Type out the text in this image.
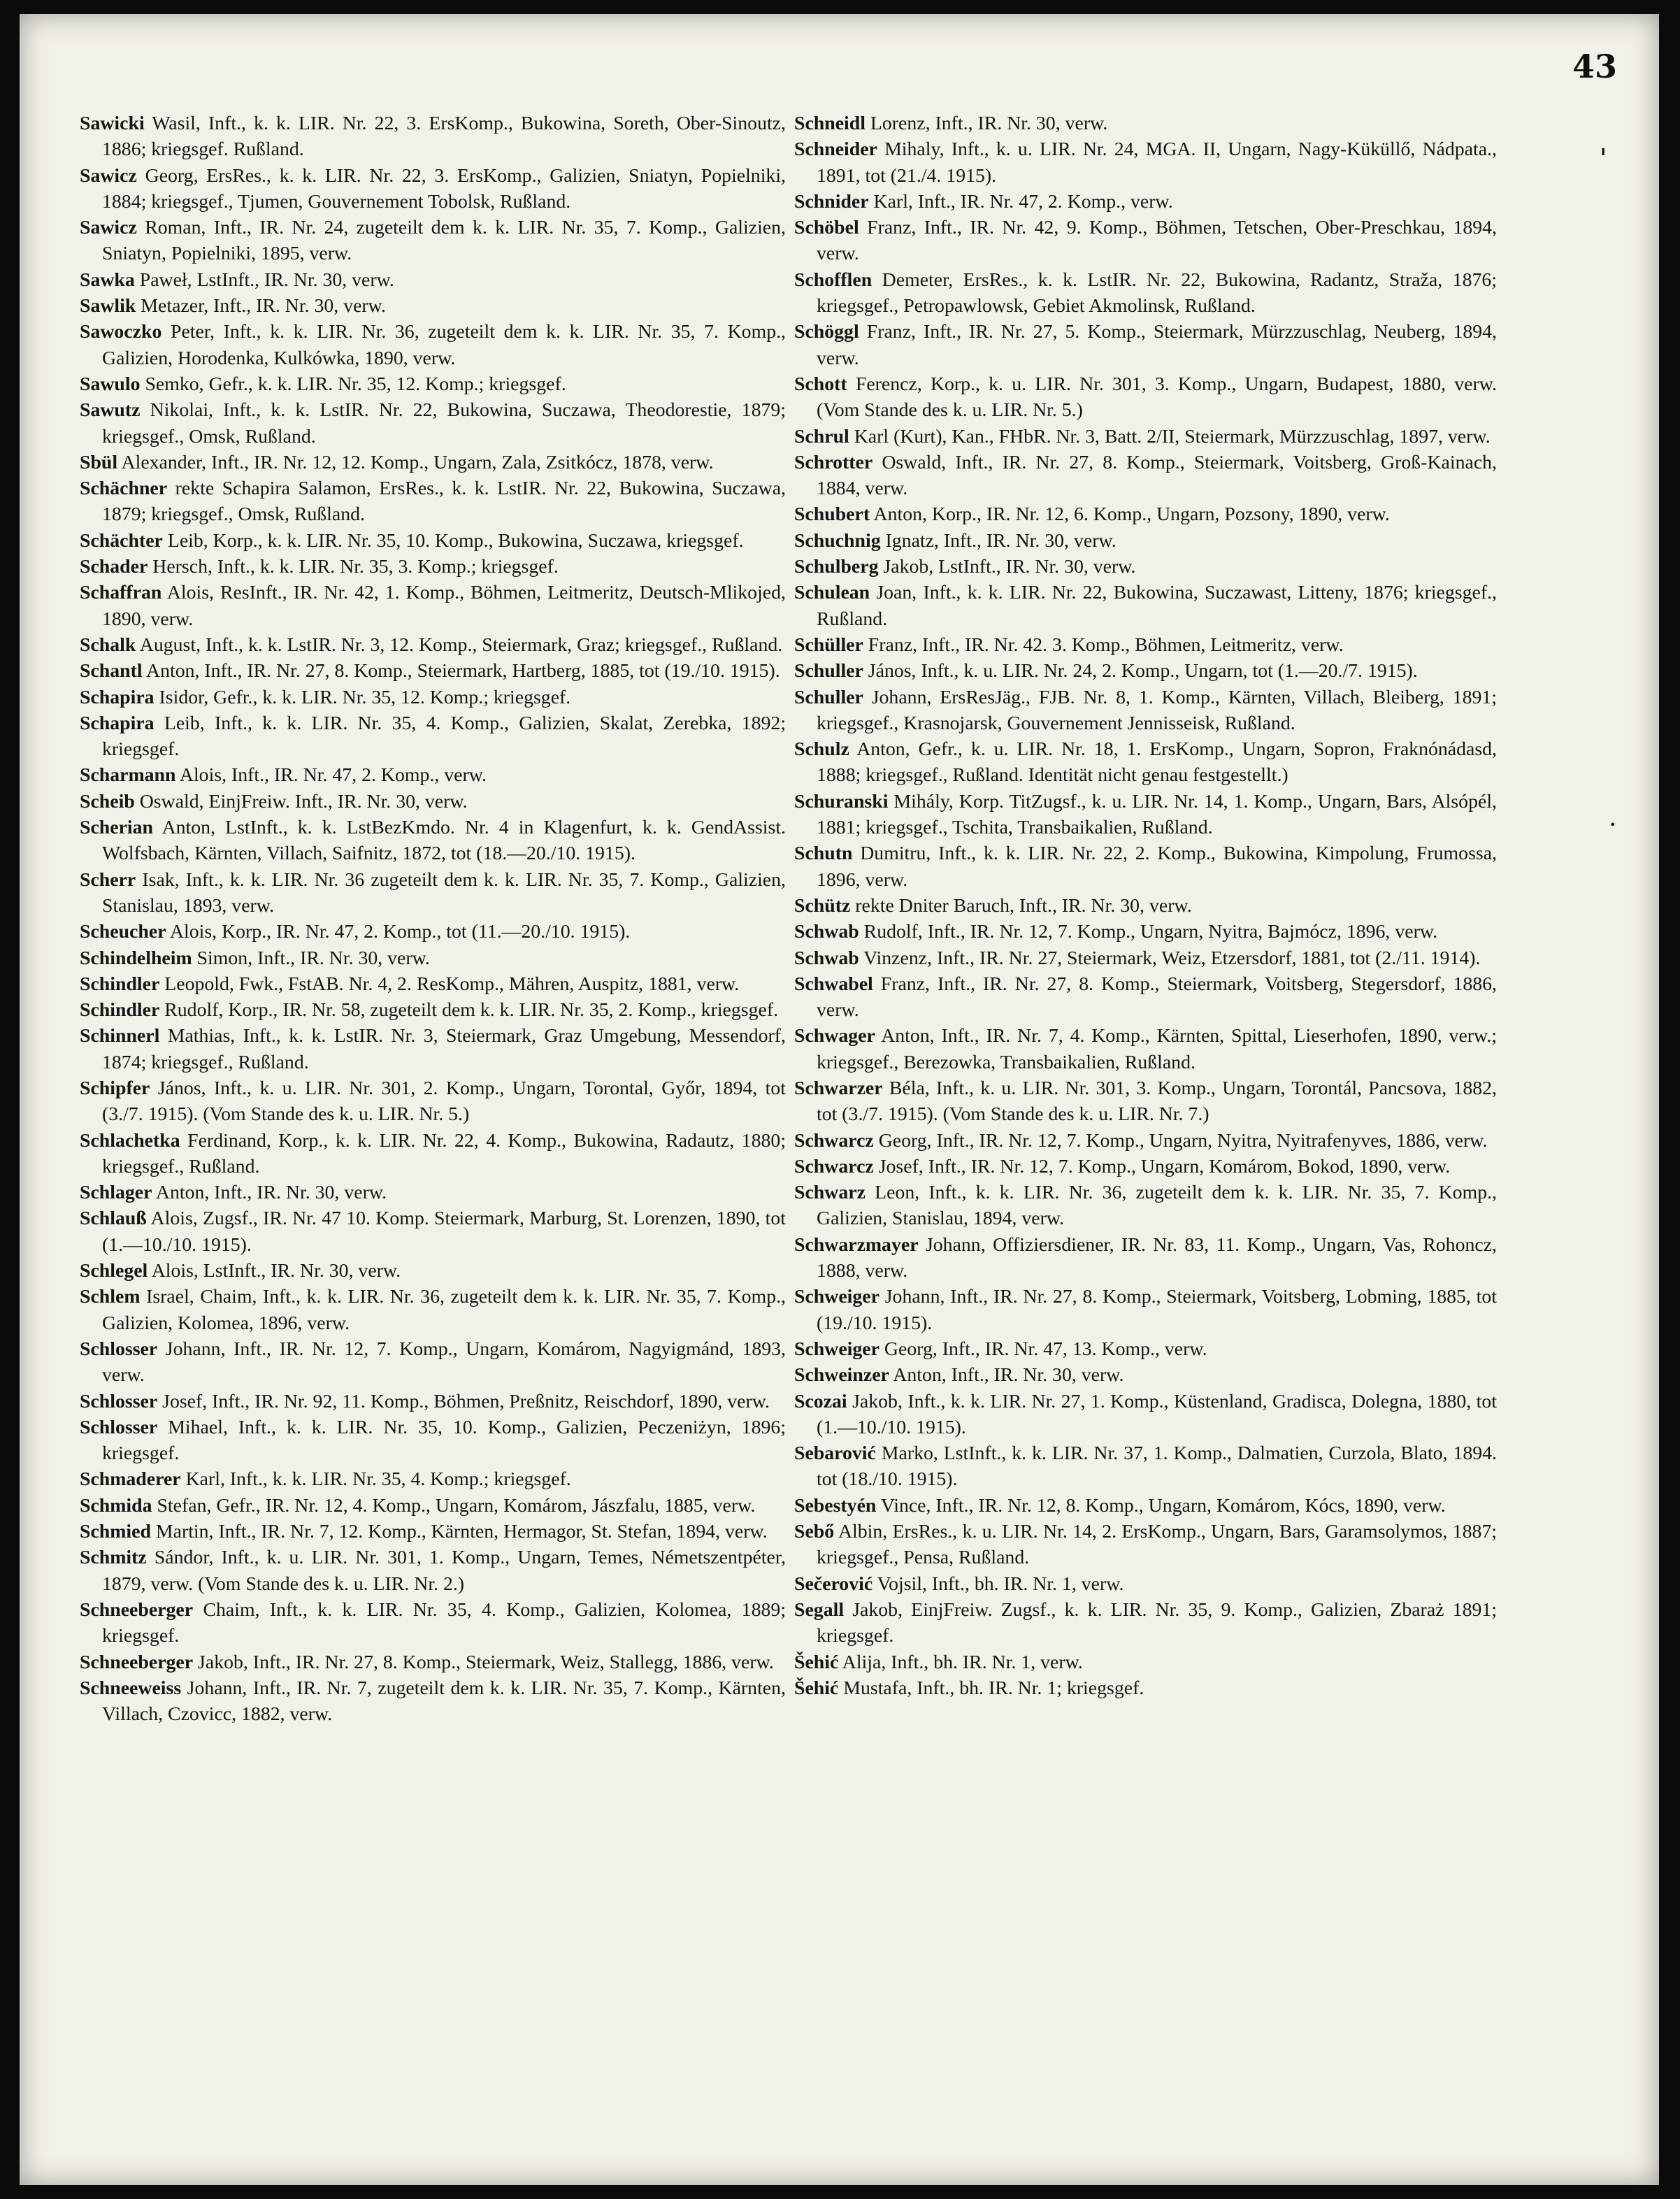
43

Sawicki Wasil, Inft., k. k. LIR. Nr. 22, 3. ErsKomp., Bukowina, Soreth, Ober-Sinoutz, 1886; kriegsgef. Rußland.

Sawicz Georg, ErsRes., k. k. LIR. Nr. 22, 3. ErsKomp., Galizien, Sniatyn, Popielniki, 1884; kriegsgef., Tjumen, Gouvernement Tobolsk, Rußland.

Sawicz Roman, Inft., IR. Nr. 24, zugeteilt dem k. k. LIR. Nr. 35, 7. Komp., Galizien, Sniatyn, Popielniki, 1895, verw.

Sawka Paweł, LstInft., IR. Nr. 30, verw.

Sawlik Metazer, Inft., IR. Nr. 30, verw.

Sawoczko Peter, Inft., k. k. LIR. Nr. 36, zugeteilt dem k. k. LIR. Nr. 35, 7. Komp., Galizien, Horodenka, Kulkówka, 1890, verw.

Sawulo Semko, Gefr., k. k. LIR. Nr. 35, 12. Komp.; kriegsgef.

Sawutz Nikolai, Inft., k. k. LstIR. Nr. 22, Bukowina, Suczawa, Theodorestie, 1879; kriegsgef., Omsk, Rußland.

Sbül Alexander, Inft., IR. Nr. 12, 12. Komp., Ungarn, Zala, Zsitkócz, 1878, verw.

Schächner rekte Schapira Salamon, ErsRes., k. k. LstIR. Nr. 22, Bukowina, Suczawa, 1879; kriegsgef., Omsk, Rußland.

Schächter Leib, Korp., k. k. LIR. Nr. 35, 10. Komp., Bukowina, Suczawa, kriegsgef.

Schader Hersch, Inft., k. k. LIR. Nr. 35, 3. Komp.; kriegsgef.

Schaffran Alois, ResInft., IR. Nr. 42, 1. Komp., Böhmen, Leitmeritz, Deutsch-Mlikojed, 1890, verw.

Schalk August, Inft., k. k. LstIR. Nr. 3, 12. Komp., Steiermark, Graz; kriegsgef., Rußland.

Schantl Anton, Inft., IR. Nr. 27, 8. Komp., Steiermark, Hartberg, 1885, tot (19./10. 1915).

Schapira Isidor, Gefr., k. k. LIR. Nr. 35, 12. Komp.; kriegsgef.

Schapira Leib, Inft., k. k. LIR. Nr. 35, 4. Komp., Galizien, Skalat, Zerebka, 1892; kriegsgef.

Scharmann Alois, Inft., IR. Nr. 47, 2. Komp., verw.

Scheib Oswald, EinjFreiw. Inft., IR. Nr. 30, verw.

Scherian Anton, LstInft., k. k. LstBezKmdo. Nr. 4 in Klagenfurt, k. k. GendAssist. Wolfsbach, Kärnten, Villach, Saifnitz, 1872, tot (18.—20./10. 1915).

Scherr Isak, Inft., k. k. LIR. Nr. 36 zugeteilt dem k. k. LIR. Nr. 35, 7. Komp., Galizien, Stanislau, 1893, verw.

Scheucher Alois, Korp., IR. Nr. 47, 2. Komp., tot (11.—20./10. 1915).

Schindelheim Simon, Inft., IR. Nr. 30, verw.

Schindler Leopold, Fwk., FstAB. Nr. 4, 2. ResKomp., Mähren, Auspitz, 1881, verw.

Schindler Rudolf, Korp., IR. Nr. 58, zugeteilt dem k. k. LIR. Nr. 35, 2. Komp., kriegsgef.

Schinnerl Mathias, Inft., k. k. LstIR. Nr. 3, Steiermark, Graz Umgebung, Messendorf, 1874; kriegsgef., Rußland.

Schipfer János, Inft., k. u. LIR. Nr. 301, 2. Komp., Ungarn, Torontal, Győr, 1894, tot (3./7. 1915). (Vom Stande des k. u. LIR. Nr. 5.)

Schlachetka Ferdinand, Korp., k. k. LIR. Nr. 22, 4. Komp., Bukowina, Radautz, 1880; kriegsgef., Rußland.

Schlager Anton, Inft., IR. Nr. 30, verw.

Schlauß Alois, Zugsf., IR. Nr. 47 10. Komp. Steiermark, Marburg, St. Lorenzen, 1890, tot (1.—10./10. 1915).

Schlegel Alois, LstInft., IR. Nr. 30, verw.

Schlem Israel, Chaim, Inft., k. k. LIR. Nr. 36, zugeteilt dem k. k. LIR. Nr. 35, 7. Komp., Galizien, Kolomea, 1896, verw.

Schlosser Johann, Inft., IR. Nr. 12, 7. Komp., Ungarn, Komárom, Nagyigmánd, 1893, verw.

Schlosser Josef, Inft., IR. Nr. 92, 11. Komp., Böhmen, Preßnitz, Reischdorf, 1890, verw.

Schlosser Mihael, Inft., k. k. LIR. Nr. 35, 10. Komp., Galizien, Peczeniżyn, 1896; kriegsgef.

Schmaderer Karl, Inft., k. k. LIR. Nr. 35, 4. Komp.; kriegsgef.

Schmida Stefan, Gefr., IR. Nr. 12, 4. Komp., Ungarn, Komárom, Jászfalu, 1885, verw.

Schmied Martin, Inft., IR. Nr. 7, 12. Komp., Kärnten, Hermagor, St. Stefan, 1894, verw.

Schmitz Sándor, Inft., k. u. LIR. Nr. 301, 1. Komp., Ungarn, Temes, Németszentpéter, 1879, verw. (Vom Stande des k. u. LIR. Nr. 2.)

Schneeberger Chaim, Inft., k. k. LIR. Nr. 35, 4. Komp., Galizien, Kolomea, 1889; kriegsgef.

Schneeberger Jakob, Inft., IR. Nr. 27, 8. Komp., Steiermark, Weiz, Stallegg, 1886, verw.

Schneeweiss Johann, Inft., IR. Nr. 7, zugeteilt dem k. k. LIR. Nr. 35, 7. Komp., Kärnten, Villach, Czovicc, 1882, verw.

Schneidl Lorenz, Inft., IR. Nr. 30, verw.

Schneider Mihaly, Inft., k. u. LIR. Nr. 24, MGA. II, Ungarn, Nagy-Küküllő, Nádpata., 1891, tot (21./4. 1915).

Schnider Karl, Inft., IR. Nr. 47, 2. Komp., verw.

Schöbel Franz, Inft., IR. Nr. 42, 9. Komp., Böhmen, Tetschen, Ober-Preschkau, 1894, verw.

Schofflen Demeter, ErsRes., k. k. LstIR. Nr. 22, Bukowina, Radantz, Straža, 1876; kriegsgef., Petropawlowsk, Gebiet Akmolinsk, Rußland.

Schöggl Franz, Inft., IR. Nr. 27, 5. Komp., Steiermark, Mürzzuschlag, Neuberg, 1894, verw.

Schott Ferencz, Korp., k. u. LIR. Nr. 301, 3. Komp., Ungarn, Budapest, 1880, verw. (Vom Stande des k. u. LIR. Nr. 5.)

Schrul Karl (Kurt), Kan., FHbR. Nr. 3, Batt. 2/II, Steiermark, Mürzzuschlag, 1897, verw.

Schrotter Oswald, Inft., IR. Nr. 27, 8. Komp., Steiermark, Voitsberg, Groß-Kainach, 1884, verw.

Schubert Anton, Korp., IR. Nr. 12, 6. Komp., Ungarn, Pozsony, 1890, verw.

Schuchnig Ignatz, Inft., IR. Nr. 30, verw.

Schulberg Jakob, LstInft., IR. Nr. 30, verw.

Schulean Joan, Inft., k. k. LIR. Nr. 22, Bukowina, Suczawast, Litteny, 1876; kriegsgef., Rußland.

Schüller Franz, Inft., IR. Nr. 42. 3. Komp., Böhmen, Leitmeritz, verw.

Schuller János, Inft., k. u. LIR. Nr. 24, 2. Komp., Ungarn, tot (1.—20./7. 1915).

Schuller Johann, ErsResJäg., FJB. Nr. 8, 1. Komp., Kärnten, Villach, Bleiberg, 1891; kriegsgef., Krasnojarsk, Gouvernement Jennisseisk, Rußland.

Schulz Anton, Gefr., k. u. LIR. Nr. 18, 1. ErsKomp., Ungarn, Sopron, Fraknónádasd, 1888; kriegsgef., Rußland. Identität nicht genau festgestellt.)

Schuranski Mihály, Korp. TitZugsf., k. u. LIR. Nr. 14, 1. Komp., Ungarn, Bars, Alsópél, 1881; kriegsgef., Tschita, Transbaikalien, Rußland.

Schutn Dumitru, Inft., k. k. LIR. Nr. 22, 2. Komp., Bukowina, Kimpolung, Frumossa, 1896, verw.

Schütz rekte Dniter Baruch, Inft., IR. Nr. 30, verw.

Schwab Rudolf, Inft., IR. Nr. 12, 7. Komp., Ungarn, Nyitra, Bajmócz, 1896, verw.

Schwab Vinzenz, Inft., IR. Nr. 27, Steiermark, Weiz, Etzersdorf, 1881, tot (2./11. 1914).

Schwabel Franz, Inft., IR. Nr. 27, 8. Komp., Steiermark, Voitsberg, Stegersdorf, 1886, verw.

Schwager Anton, Inft., IR. Nr. 7, 4. Komp., Kärnten, Spittal, Lieserhofen, 1890, verw.; kriegsgef., Berezowka, Transbaikalien, Rußland.

Schwarzer Béla, Inft., k. u. LIR. Nr. 301, 3. Komp., Ungarn, Torontál, Pancsova, 1882, tot (3./7. 1915). (Vom Stande des k. u. LIR. Nr. 7.)

Schwarcz Georg, Inft., IR. Nr. 12, 7. Komp., Ungarn, Nyitra, Nyitrafenyves, 1886, verw.

Schwarcz Josef, Inft., IR. Nr. 12, 7. Komp., Ungarn, Komárom, Bokod, 1890, verw.

Schwarz Leon, Inft., k. k. LIR. Nr. 36, zugeteilt dem k. k. LIR. Nr. 35, 7. Komp., Galizien, Stanislau, 1894, verw.

Schwarzmayer Johann, Offiziersdiener, IR. Nr. 83, 11. Komp., Ungarn, Vas, Rohoncz, 1888, verw.

Schweiger Johann, Inft., IR. Nr. 27, 8. Komp., Steiermark, Voitsberg, Lobming, 1885, tot (19./10. 1915).

Schweiger Georg, Inft., IR. Nr. 47, 13. Komp., verw.

Schweinzer Anton, Inft., IR. Nr. 30, verw.

Scozai Jakob, Inft., k. k. LIR. Nr. 27, 1. Komp., Küstenland, Gradisca, Dolegna, 1880, tot (1.—10./10. 1915).

Sebarović Marko, LstInft., k. k. LIR. Nr. 37, 1. Komp., Dalmatien, Curzola, Blato, 1894. tot (18./10. 1915).

Sebestyén Vince, Inft., IR. Nr. 12, 8. Komp., Ungarn, Komárom, Kócs, 1890, verw.

Sebő Albin, ErsRes., k. u. LIR. Nr. 14, 2. ErsKomp., Ungarn, Bars, Garamsolymos, 1887; kriegsgef., Pensa, Rußland.

Sečerović Vojsil, Inft., bh. IR. Nr. 1, verw.

Segall Jakob, EinjFreiw. Zugsf., k. k. LIR. Nr. 35, 9. Komp., Galizien, Zbaraż 1891; kriegsgef.

Šehić Alija, Inft., bh. IR. Nr. 1, verw.

Šehić Mustafa, Inft., bh. IR. Nr. 1; kriegsgef.

ˈ
•
